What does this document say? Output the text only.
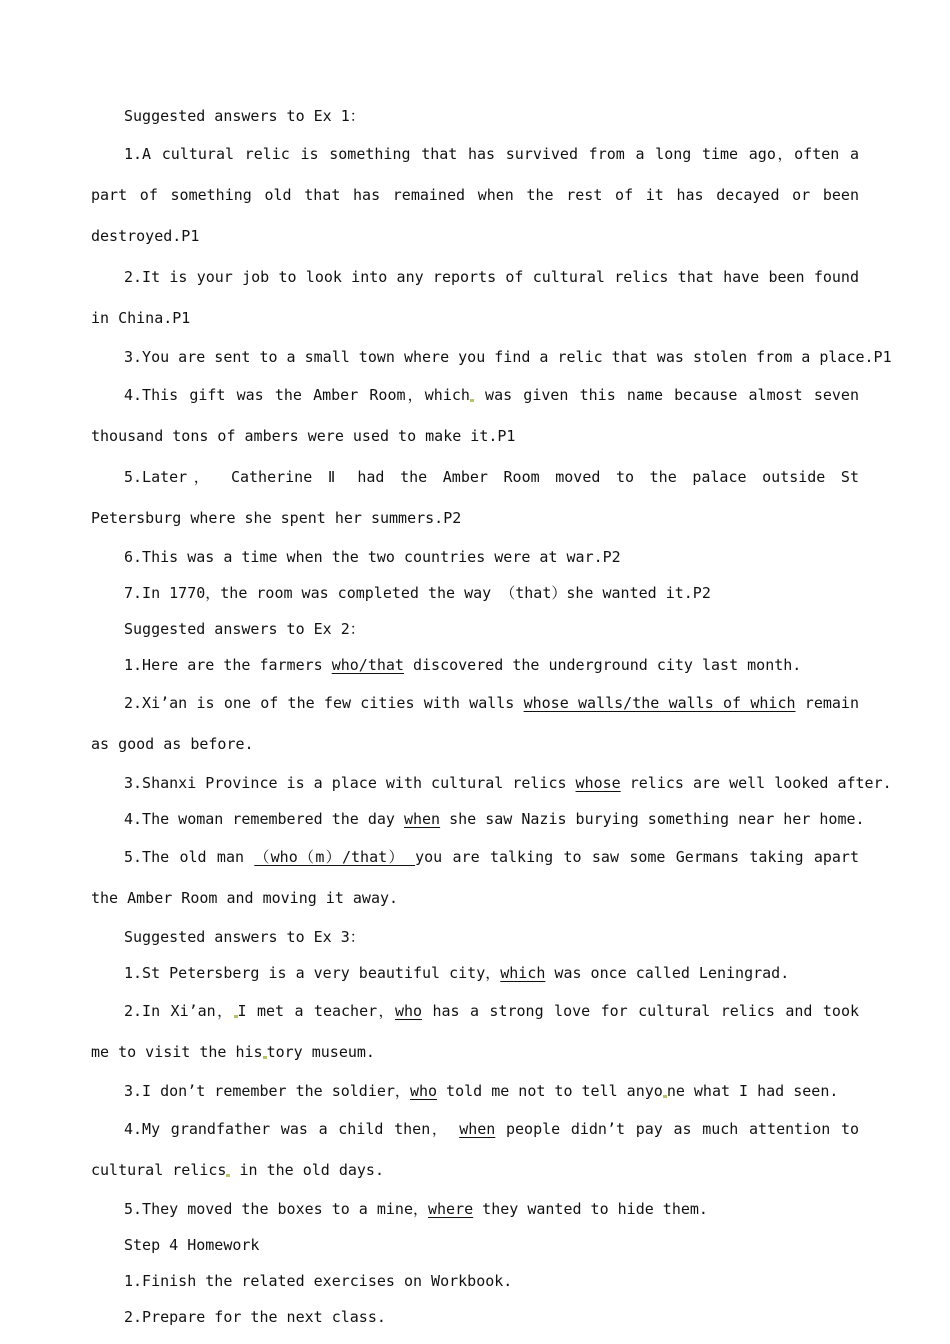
Suggested answers to Ex 1：

1.A cultural relic is something that has survived from a long time ago，often a part of something old that has remained when the rest of it has decayed or been destroyed.P1

2.It is your job to look into any reports of cultural relics that have been found in China.P1

3.You are sent to a small town where you find a relic that was stolen from a place.P1

4.This gift was the Amber Room，which was given this name because almost seven thousand tons of ambers were used to make it.P1

5.Later， Catherine Ⅱ had the Amber Room moved to the palace outside St Petersburg where she spent her summers.P2

6.This was a time when the two countries were at war.P2

7.In 1770，the room was completed the way （that）she wanted it.P2

Suggested answers to Ex 2：

1.Here are the farmers who/that discovered the underground city last month.

2.Xi’an is one of the few cities with walls whose walls/the walls of which remain as good as before.

3.Shanxi Province is a place with cultural relics whose relics are well looked after.

4.The woman remembered the day when she saw Nazis burying something near her home.

5.The old man （who（m）/that） you are talking to saw some Germans taking apart the Amber Room and moving it away.

Suggested answers to Ex 3：

1.St Petersberg is a very beautiful city，which was once called Leningrad.

2.In Xi’an， I met a teacher，who has a strong love for cultural relics and took me to visit the his tory museum.

3.I don’t remember the soldier，who told me not to tell anyo ne what I had seen.

4.My grandfather was a child then， when people didn’t pay as much attention to cultural relics in the old days.

5.They moved the boxes to a mine，where they wanted to hide them.

Step 4 Homework

1.Finish the related exercises on Workbook.

2.Prepare for the next class.
